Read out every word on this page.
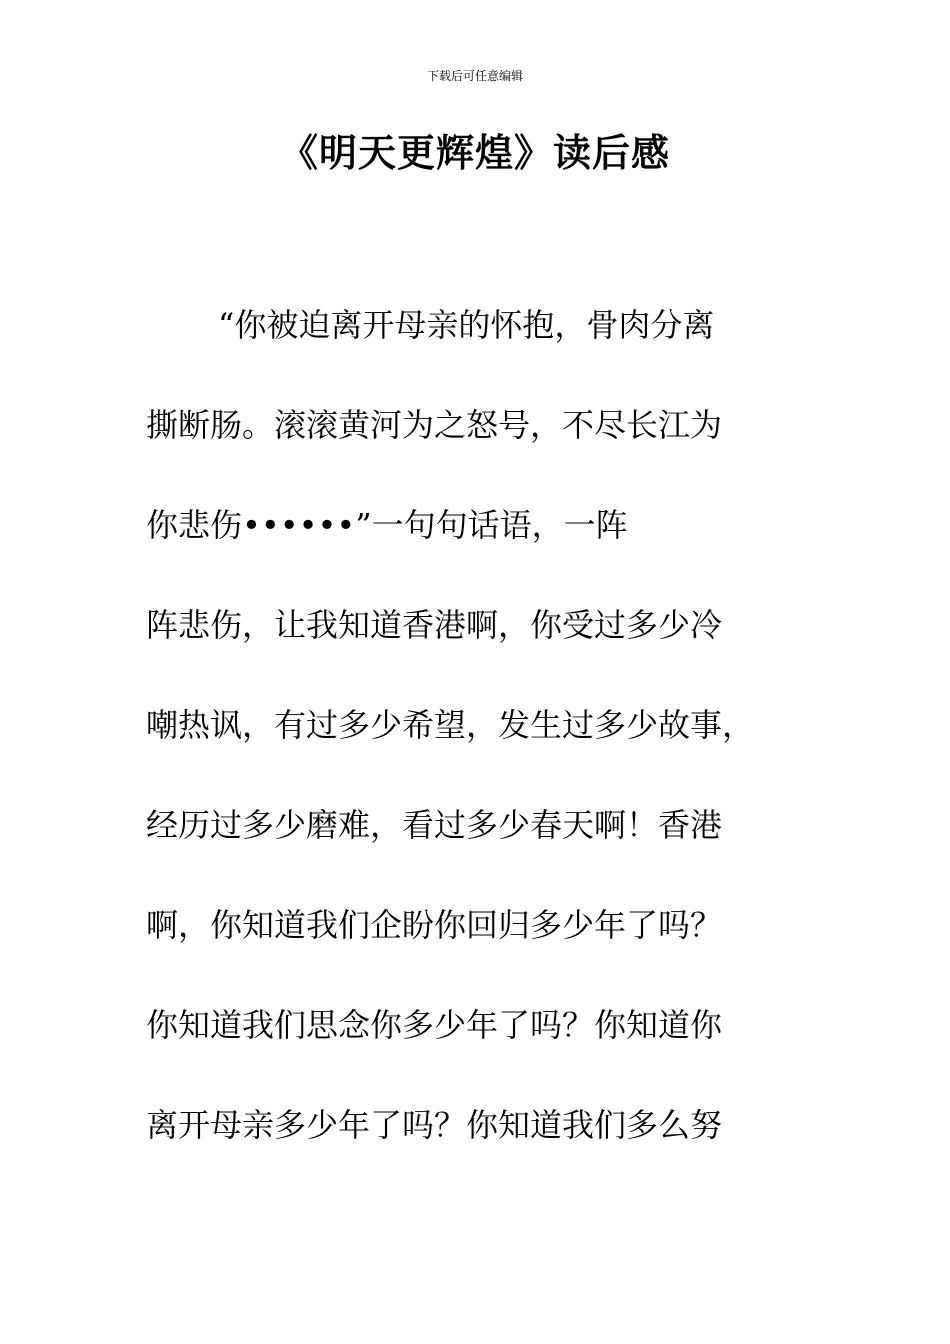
下载后可任意编辑
《明天更辉煌》读后感
“你被迫离开母亲的怀抱，骨肉分离
撕断肠。滚滚黄河为之怒号，不尽长江为
你悲伤••••••”一句句话语，一阵
阵悲伤，让我知道香港啊，你受过多少冷
嘲热讽，有过多少希望，发生过多少故事，
经历过多少磨难，看过多少春天啊！香港
啊，你知道我们企盼你回归多少年了吗？
你知道我们思念你多少年了吗？你知道你
离开母亲多少年了吗？你知道我们多么努
